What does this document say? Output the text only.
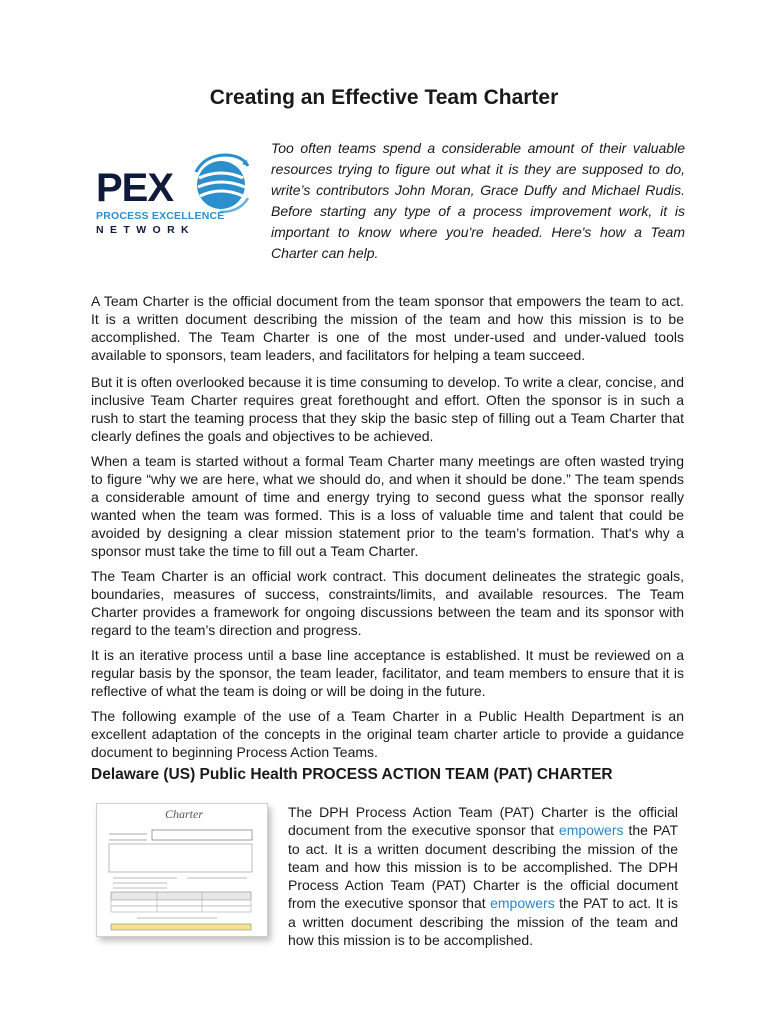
Creating an Effective Team Charter
PEX
PROCESS EXCELLENCE
NETWORK

Too often teams spend a considerable amount of their valuable resources trying to figure out what it is they are supposed to do, write’s contributors John Moran, Grace Duffy and Michael Rudis. Before starting any type of a process improvement work, it is important to know where you're headed. Here's how a Team Charter can help.

A Team Charter is the official document from the team sponsor that empowers the team to act. It is a written document describing the mission of the team and how this mission is to be accomplished. The Team Charter is one of the most under-used and under-valued tools available to sponsors, team leaders, and facilitators for helping a team succeed.

But it is often overlooked because it is time consuming to develop. To write a clear, concise, and inclusive Team Charter requires great forethought and effort. Often the sponsor is in such a rush to start the teaming process that they skip the basic step of filling out a Team Charter that clearly defines the goals and objectives to be achieved.

When a team is started without a formal Team Charter many meetings are often wasted trying to figure “why we are here, what we should do, and when it should be done.” The team spends a considerable amount of time and energy trying to second guess what the sponsor really wanted when the team was formed. This is a loss of valuable time and talent that could be avoided by designing a clear mission statement prior to the team’s formation. That's why a sponsor must take the time to fill out a Team Charter.

The Team Charter is an official work contract. This document delineates the strategic goals, boundaries, measures of success, constraints/limits, and available resources. The Team Charter provides a framework for ongoing discussions between the team and its sponsor with regard to the team’s direction and progress.

It is an iterative process until a base line acceptance is established. It must be reviewed on a regular basis by the sponsor, the team leader, facilitator, and team members to ensure that it is reflective of what the team is doing or will be doing in the future.

The following example of the use of a Team Charter in a Public Health Department is an excellent adaptation of the concepts in the original team charter article to provide a guidance document to beginning Process Action Teams.

Delaware (US) Public Health PROCESS ACTION TEAM (PAT) CHARTER
Charter	The DPH Process Action Team (PAT) Charter is the official document from the executive sponsor that empowers the PAT to act. It is a written document describing the mission of the team and how this mission is to be accomplished. The DPH Process Action Team (PAT) Charter is the official document from the executive sponsor that empowers the PAT to act. It is a written document describing the mission of the team and how this mission is to be accomplished.
